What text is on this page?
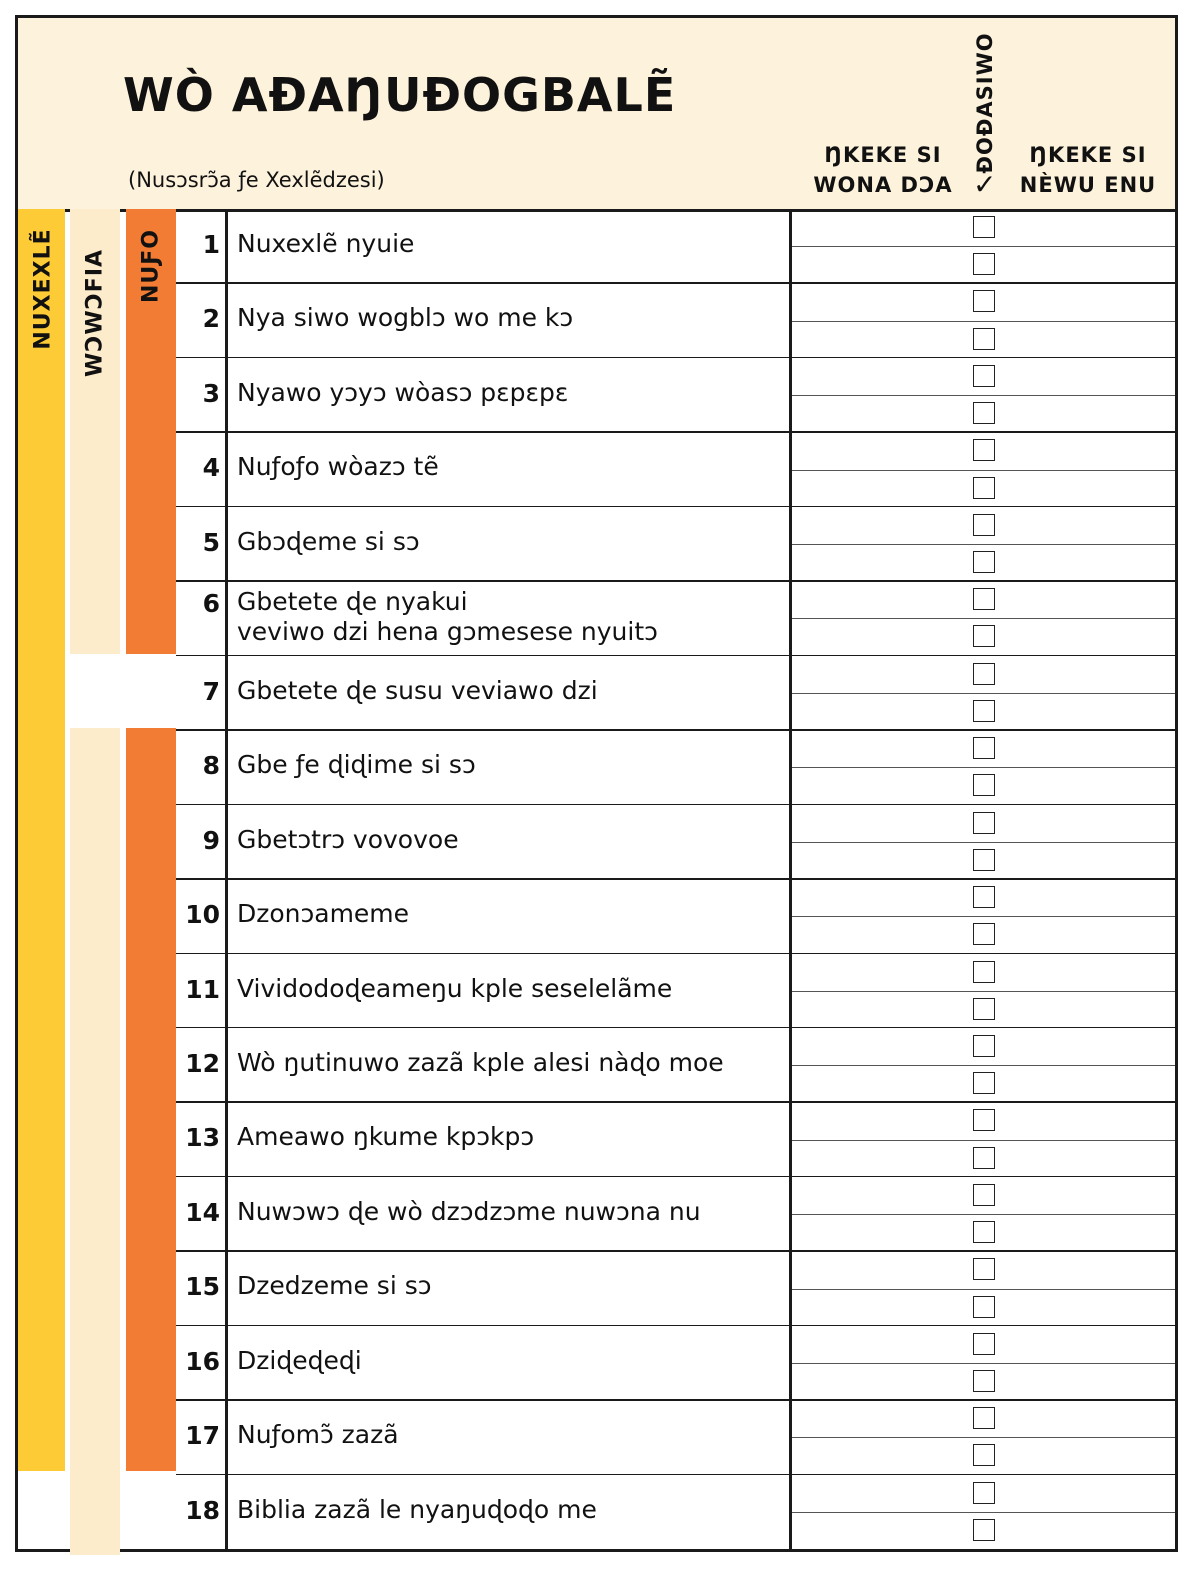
WÒ AƉAŊUƉOGBALẼ
(Nusɔsrɔ̃a ƒe Xexlẽdzesi)
ŊKEKE SI
WONA DƆA
ƉOƉASIWO
✓
ŊKEKE SI
NÈWU ENU
NUXEXLẼ WƆWƆFIA NUƑO	1 Nuxexlẽ nyuie
2 Nya siwo wogblɔ wo me kɔ
3 Nyawo yɔyɔ wòasɔ pɛpɛpɛ
4 Nuƒoƒo wòazɔ tẽ
5 Gbɔɖeme si sɔ
6 Gbetete ɖe nyakui
veviwo dzi hena gɔmesese nyuitɔ
7 Gbetete ɖe susu veviawo dzi
8 Gbe ƒe ɖiɖime si sɔ
9 Gbetɔtrɔ vovovoe
10 Dzonɔameme
11 Vividodoɖeameŋu kple seselelãme
12 Wò ŋutinuwo zazã kple alesi nàɖo moe
13 Ameawo ŋkume kpɔkpɔ
14 Nuwɔwɔ ɖe wò dzɔdzɔme nuwɔna nu
15 Dzedzeme si sɔ
16 Dziɖeɖeɖi
17 Nuƒomɔ̃ zazã
18 Biblia zazã le nyaŋuɖoɖo me
